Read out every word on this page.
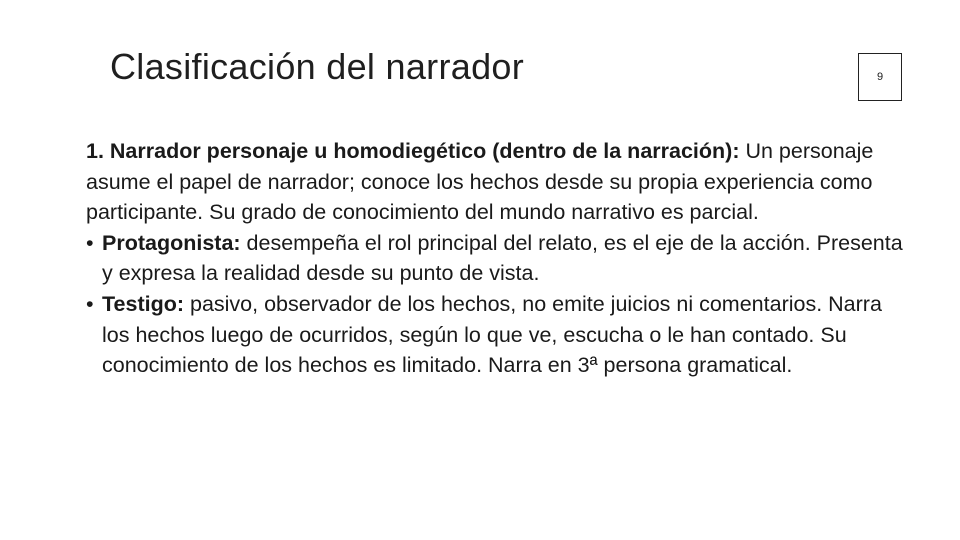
Clasificación del narrador	9

1. Narrador personaje u homodiegético (dentro de la narración): Un personaje asume el papel de narrador; conoce los hechos desde su propia experiencia como participante. Su grado de conocimiento del mundo narrativo es parcial.

• Protagonista: desempeña el rol principal del relato, es el eje de la acción. Presenta y expresa la realidad desde su punto de vista.

• Testigo: pasivo, observador de los hechos, no emite juicios ni comentarios. Narra los hechos luego de ocurridos, según lo que ve, escucha o le han contado. Su conocimiento de los hechos es limitado. Narra en 3ª persona gramatical.
